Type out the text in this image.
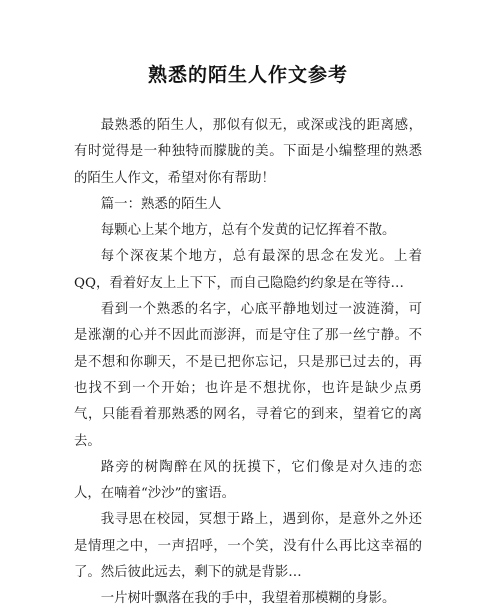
熟悉的陌生人作文参考

最熟悉的陌生人，那似有似无，或深或浅的距离感，有时觉得是一种独特而朦胧的美。下面是小编整理的熟悉的陌生人作文，希望对你有帮助！

篇一：熟悉的陌生人

每颗心上某个地方，总有个发黄的记忆挥着不散。

每个深夜某个地方，总有最深的思念在发光。上着QQ，看着好友上上下下，而自己隐隐约约象是在等待…

看到一个熟悉的名字，心底平静地划过一波涟漪，可是涨潮的心并不因此而澎湃，而是守住了那一丝宁静。不是不想和你聊天，不是已把你忘记，只是那已过去的，再也找不到一个开始；也许是不想扰你，也许是缺少点勇气，只能看着那熟悉的网名，寻着它的到来，望着它的离去。

路旁的树陶醉在风的抚摸下，它们像是对久违的恋人，在喃着“沙沙”的蜜语。

我寻思在校园，冥想于路上，遇到你，是意外之外还是情理之中，一声招呼，一个笑，没有什么再比这幸福的了。然后彼此远去，剩下的就是背影…

一片树叶飘落在我的手中，我望着那模糊的身影。
